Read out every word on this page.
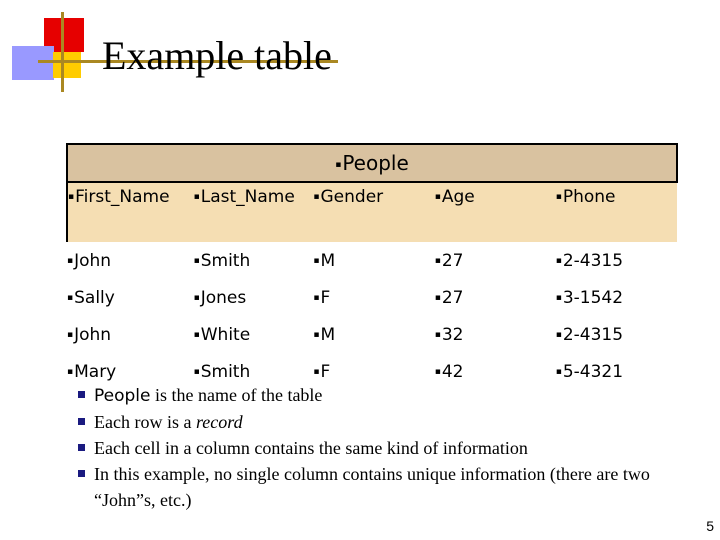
Example table
▪People				
▪First_Name	▪Last_Name	▪Gender	▪Age	▪Phone
▪John	▪Smith	▪M	▪27	▪2-4315
▪Sally	▪Jones	▪F	▪27	▪3-1542
▪John	▪White	▪M	▪32	▪2-4315
▪Mary	▪Smith	▪F	▪42	▪5-4321
People is the name of the table
Each row is a record
Each cell in a column contains the same kind of information
In this example, no single column contains unique information (there are two “John”s, etc.)
5
